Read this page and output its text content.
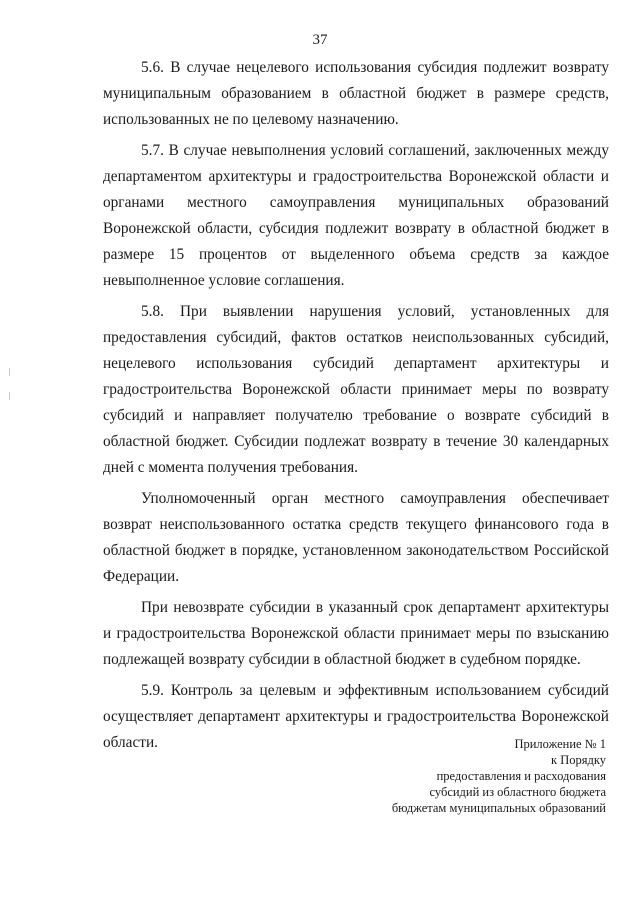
37

5.6. В случае нецелевого использования субсидия подлежит возврату муниципальным образованием в областной бюджет в размере средств, использованных не по целевому назначению.

5.7. В случае невыполнения условий соглашений, заключенных между департаментом архитектуры и градостроительства Воронежской области и органами местного самоуправления муниципальных образований Воронежской области, субсидия подлежит возврату в областной бюджет в размере 15 процентов от выделенного объема средств за каждое невыполненное условие соглашения.

5.8. При выявлении нарушения условий, установленных для предоставления субсидий, фактов остатков неиспользованных субсидий, нецелевого использования субсидий департамент архитектуры и градостроительства Воронежской области принимает меры по возврату субсидий и направляет получателю требование о возврате субсидий в областной бюджет. Субсидии подлежат возврату в течение 30 календарных дней с момента получения требования.

Уполномоченный орган местного самоуправления обеспечивает возврат неиспользованного остатка средств текущего финансового года в областной бюджет в порядке, установленном законодательством Российской Федерации.

При невозврате субсидии в указанный срок департамент архитектуры и градостроительства Воронежской области принимает меры по взысканию подлежащей возврату субсидии в областной бюджет в судебном порядке.

5.9. Контроль за целевым и эффективным использованием субсидий осуществляет департамент архитектуры и градостроительства Воронежской области.	Приложение № 1
к Порядку
предоставления и расходования
субсидий из областного бюджета
бюджетам муниципальных образований
